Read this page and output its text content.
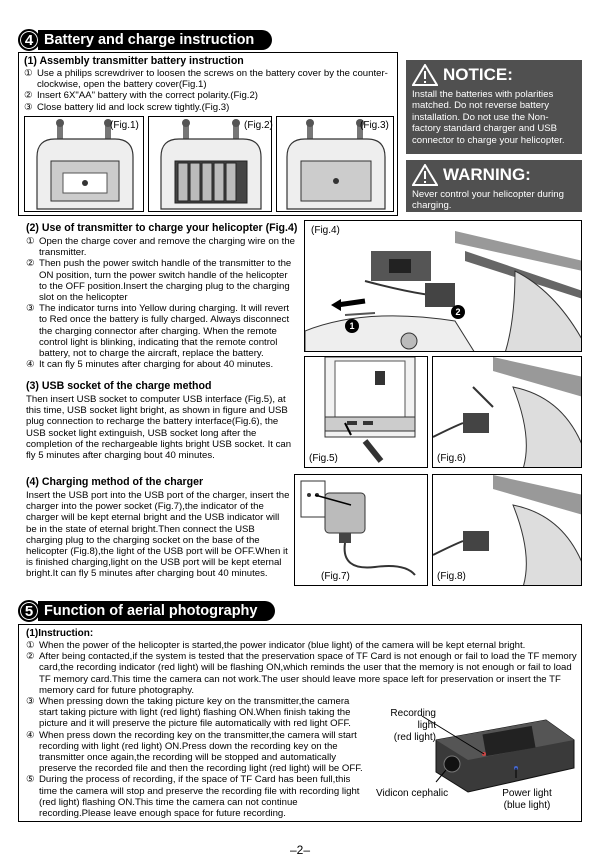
4 Battery and charge instruction
(1) Assembly transmitter battery instruction
① Use a philips screwdriver to loosen the screws on the battery cover by the counter-clockwise, open the battery cover(Fig.1)
② Insert 6X"AA" battery with the correct polarity.(Fig.2)
③ Close battery lid and lock screw tightly.(Fig.3)
(Fig.1)	(Fig.2)	(Fig.3)
NOTICE:
Install the batteries with polarities matched. Do not reverse battery installation. Do not use the Non-factory standard charger and USB connector to charge your helicopter.
WARNING:
Never control your helicopter during charging.
(2) Use of transmitter to charge your helicopter (Fig.4)
① Open the charge cover and remove the charging wire on the transmitter.
② Then push the power switch handle of the transmitter to the ON position, turn the power switch handle of the helicopter to the OFF position.Insert the charging plug to the charging slot on the helicopter
③ The indicator turns into Yellow during charging. It will revert to Red once the battery is fully charged. Always disconnect the charging connector after charging. When the remote control light is blinking, indicating that the remote control battery, not to charge the aircraft, replace the battery.
④ It can fly 5 minutes after charging for about 40 minutes.
(Fig.4)
1
2
(3) USB socket of the charge method
Then insert USB socket to computer USB interface (Fig.5), at this time, USB socket light bright, as shown in figure and USB plug connection to recharge the battery interface(Fig.6), the USB socket light extinguish, USB socket long after the completion of the rechargeable lights bright USB socket. It can fly 5 minutes after charging bout 40 minutes.	(Fig.5)	(Fig.6)
(4) Charging method of the charger
Insert the USB port into the USB port of the charger, insert the charger into the power socket (Fig.7),the indicator of the charger will be kept eternal bright and the USB indicator will be in the state of eternal bright.Then connect the USB charging plug to the charging socket on the base of the helicopter (Fig.8),the light of the USB port will be OFF.When it is finished charging,light on the USB port will be kept eternal bright.It can fly 5 minutes after charging bout 40 minutes.	(Fig.7)	(Fig.8)
5 Function of aerial photography
(1)Instruction:
① When the power of the helicopter is started,the power indicator (blue light) of the camera will be kept eternal bright.
② After being contacted,if the system is tested that the preservation space of TF Card is not enough or fail to load the TF memory card,the recording indicator (red light) will be flashing ON,which reminds the user that the memory is not enough or fail to load TF memory card.This time the camera can not work.The user should leave more space left for preservation or insert the TF memory card for future photography.
③ When pressing down the taking picture key on the transmitter,the camera start taking picture with light (red light) flashing ON.When finish taking the picture and it will preserve the picture file automatically with red light OFF.
④ When press down the recording key on the transmitter,the camera will start recording with light (red light) ON.Press down the recording key on the transmitter once again,the recording will be stopped and automatically preserve the recorded file and then the recording light (red light) will be OFF.
⑤ During the process of recording, if the space of TF Card has been full,this time the camera will stop and preserve the recording file with recording light (red light) flashing ON.This time the camera can not continue recording.Please leave enough space for future recording.
Recording
light
(red light)
Vidicon cephalic	Power light
(blue light)
–2–
